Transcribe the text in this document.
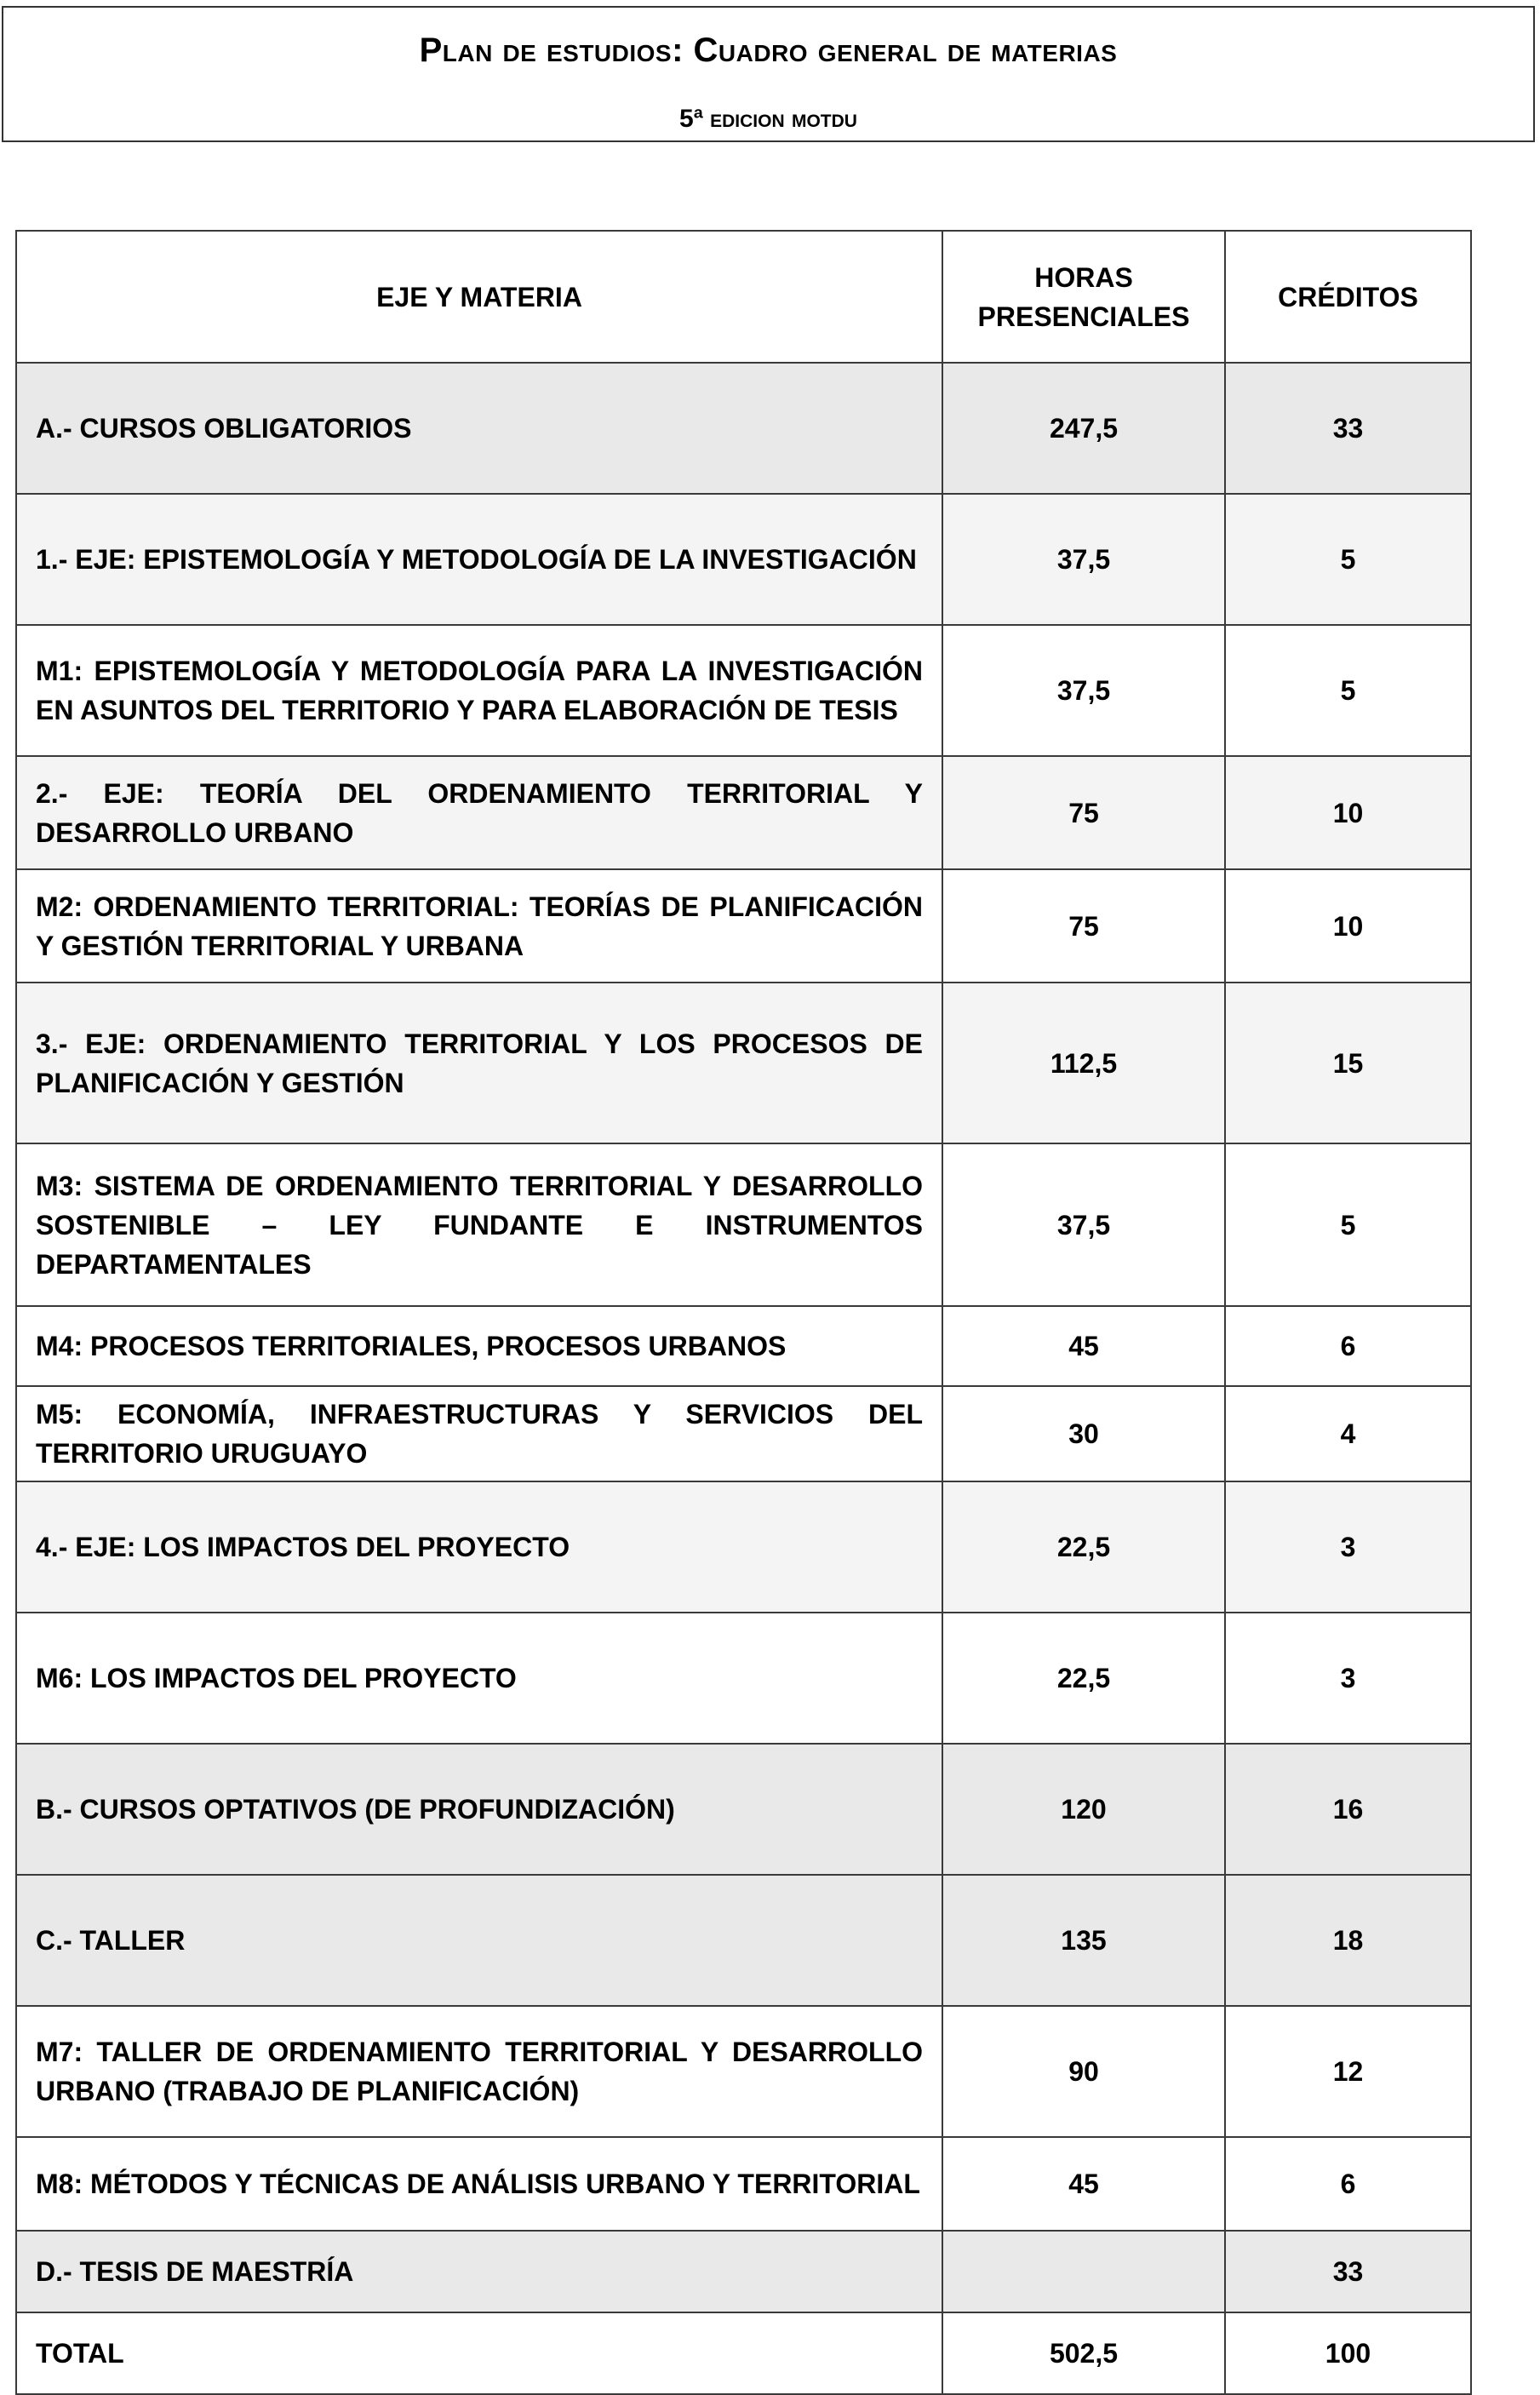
Plan de estudios: Cuadro general de materias
5ª edicion motdu
EJE Y MATERIA	HORAS PRESENCIALES	CRÉDITOS
A.- CURSOS OBLIGATORIOS	247,5	33
1.- EJE: EPISTEMOLOGÍA Y METODOLOGÍA DE LA INVESTIGACIÓN	37,5	5
M1: EPISTEMOLOGÍA Y METODOLOGÍA PARA LA INVESTIGACIÓN EN ASUNTOS DEL TERRITORIO Y PARA ELABORACIÓN DE TESIS	37,5	5
2.- EJE: TEORÍA DEL ORDENAMIENTO TERRITORIAL Y DESARROLLO URBANO	75	10
M2: ORDENAMIENTO TERRITORIAL: TEORÍAS DE PLANIFICACIÓN Y GESTIÓN TERRITORIAL Y URBANA	75	10
3.- EJE: ORDENAMIENTO TERRITORIAL Y LOS PROCESOS DE PLANIFICACIÓN Y GESTIÓN	112,5	15
M3: SISTEMA DE ORDENAMIENTO TERRITORIAL Y DESARROLLO SOSTENIBLE – LEY FUNDANTE E INSTRUMENTOS DEPARTAMENTALES	37,5	5
M4: PROCESOS TERRITORIALES, PROCESOS URBANOS	45	6
M5: ECONOMÍA, INFRAESTRUCTURAS Y SERVICIOS DEL TERRITORIO URUGUAYO	30	4
4.- EJE: LOS IMPACTOS DEL PROYECTO	22,5	3
M6: LOS IMPACTOS DEL PROYECTO	22,5	3
B.- CURSOS OPTATIVOS (DE PROFUNDIZACIÓN)	120	16
C.- TALLER	135	18
M7: TALLER DE ORDENAMIENTO TERRITORIAL Y DESARROLLO URBANO (TRABAJO DE PLANIFICACIÓN)	90	12
M8: MÉTODOS Y TÉCNICAS DE ANÁLISIS URBANO Y TERRITORIAL	45	6
D.- TESIS DE MAESTRÍA		33
TOTAL	502,5	100
